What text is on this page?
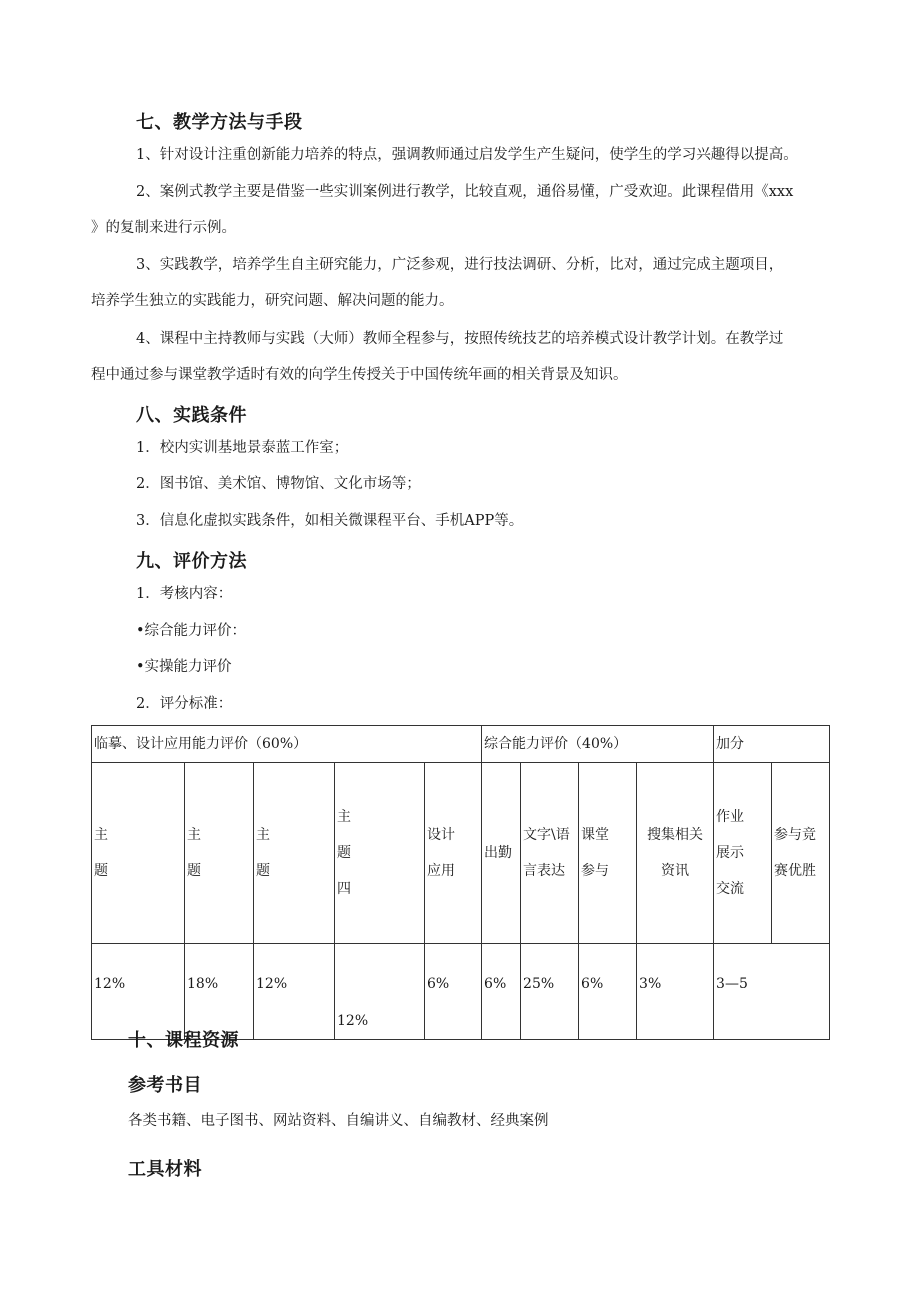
七、教学方法与手段
1、针对设计注重创新能力培养的特点，强调教师通过启发学生产生疑问，使学生的学习兴趣得以提高。
2、案例式教学主要是借鉴一些实训案例进行教学，比较直观，通俗易懂，广受欢迎。此课程借用《xxx
》的复制来进行示例。
3、实践教学，培养学生自主研究能力，广泛参观，进行技法调研、分析，比对，通过完成主题项目，
培养学生独立的实践能力，研究问题、解决问题的能力。
4、课程中主持教师与实践（大师）教师全程参与，按照传统技艺的培养模式设计教学计划。在教学过
程中通过参与课堂教学适时有效的向学生传授关于中国传统年画的相关背景及知识。
八、实践条件
1．校内实训基地景泰蓝工作室；
2．图书馆、美术馆、博物馆、文化市场等；
3．信息化虚拟实践条件，如相关微课程平台、手机APP等。
九、评价方法
1．考核内容：
•综合能力评价：
•实操能力评价
2．评分标准：
临摹、设计应用能力评价（60%）					综合能力评价（40%）				加分	

主
题	主
题	主
题	主
题
四	设计
应用	出勤	文字\语
言表达	课堂
参与	搜集相关
资讯	作业
展示
交流	参与竞
赛优胜

12%	18%	12%	12%	6%	6%	25%	6%	3%	3—5	
十、课程资源
参考书目
各类书籍、电子图书、网站资料、自编讲义、自编教材、经典案例
工具材料
